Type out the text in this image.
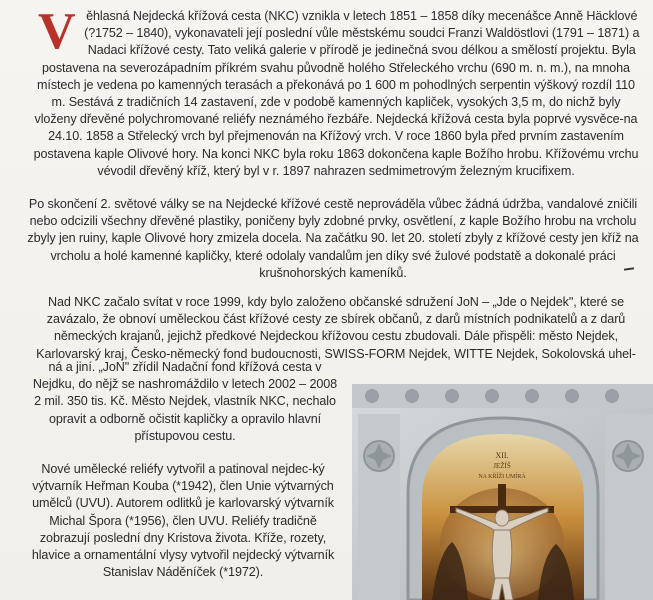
V ěhlasná Nejdecká křížová cesta (NKC) vznikla v letech 1851 – 1858 díky mecenášce Anně Häcklové (?1752 – 1840), vykonavateli její poslední vůle městskému soudci Franzi Waldöstlovi (1791 – 1871) a Nadaci křížové cesty. Tato veliká galerie v přírodě je jedinečná svou délkou a smělostí projektu. Byla postavena na severozápadním příkrém svahu původně holého Střeleckého vrchu (690 m. n. m.), na mnoha místech je vedena po kamenných terasách a překonává po 1 600 m pohodlných serpentin výškový rozdíl 110 m. Sestává z tradičních 14 zastavení, zde v podobě kamenných kapliček, vysokých 3,5 m, do nichž byly vloženy dřevěné polychromované reliéfy neznámého řezbáře. Nejdecká křížová cesta byla poprvé vysvěce-na 24.10. 1858 a Střelecký vrch byl přejmenován na Křížový vrch. V roce 1860 byla před prvním zastavením postavena kaple Olivové hory. Na konci NKC byla roku 1863 dokončena kaple Božího hrobu. Křížovému vrchu vévodil dřevěný kříž, který byl v r. 1897 nahrazen sedmimetrovým železným krucifixem.

Po skončení 2. světové války se na Nejdecké křížové cestě neprováděla vůbec žádná údržba, vandalové zničili nebo odcizili všechny dřevěné plastiky, poničeny byly zdobné prvky, osvětlení, z kaple Božího hrobu na vrcholu zbyly jen ruiny, kaple Olivové hory zmizela docela. Na začátku 90. let 20. století zbyly z křížové cesty jen kříž na vrcholu a holé kamenné kapličky, které odolaly vandalům jen díky své žulové podstatě a dokonalé práci krušnohorských kameníků.

Nad NKC začalo svítat v roce 1999, kdy bylo založeno občanské sdružení JoN – „Jde o Nejdek", které se zavázalo, že obnoví uměleckou část křížové cesty ze sbírek občanů, z darů místních podnikatelů a z darů německých krajanů, jejichž předkové Nejdeckou křížovou cestu zbudovali. Dále přispěli: město Nejdek, Karlovarský kraj, Česko-německý fond budoucnosti, SWISS-FORM Nejdek, WITTE Nejdek, Sokolovská uhel-

ná a jiní. „JoN" zřídil Nadační fond křížová cesta v Nejdku, do nějž se nashromáždilo v letech 2002 – 2008 2 mil. 350 tis. Kč. Město Nejdek, vlastník NKC, nechalo opravit a odborně očistit kapličky a opravilo hlavní přístupovou cestu.

Nové umělecké reliéfy vytvořil a patinoval nejdec-ký výtvarník Heřman Kouba (*1942), člen Unie výtvarných umělců (UVU). Autorem odlitků je karlovarský výtvarník Michal Špora (*1956), člen UVU. Reliéfy tradičně zobrazují poslední dny Kristova života. Kříže, rozety, hlavice a ornamentální vlysy vytvořil nejdecký výtvarník Stanislav Náděníček (*1972).

XII.
JEŽÍŠ
NA KŘÍŽI UMÍRÁ
